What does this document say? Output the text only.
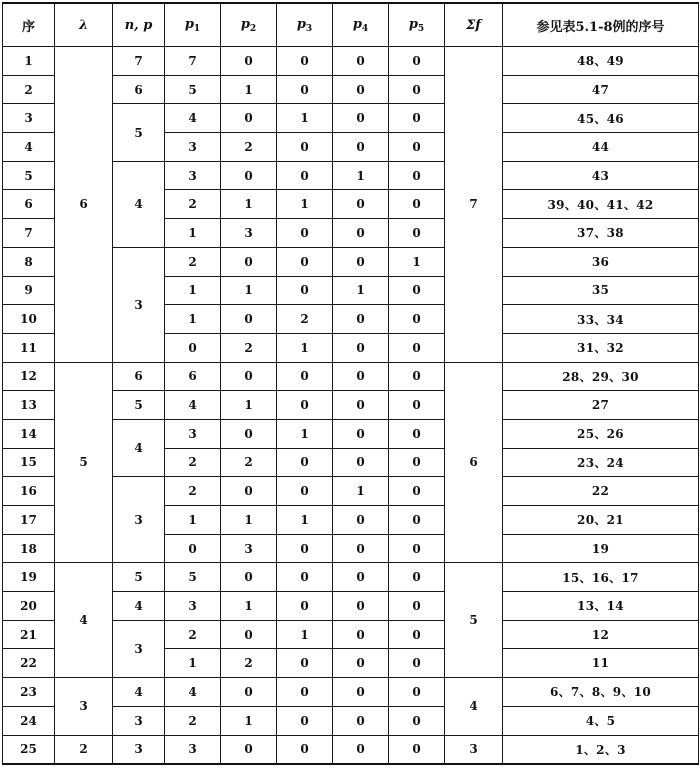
序	λ	n, p	$p_1$	$p_2$	$p_3$	$p_4$	$p_5$	Σf	参见表5.1-8例的序号
1	6	7	7	0	0	0	0	7	48、49
2		6	5	1	0	0	0		47
3		5	4	0	1	0	0		45、46
4			3	2	0	0	0		44
5		4	3	0	0	1	0		43
6			2	1	1	0	0		39、40、41、42
7			1	3	0	0	0		37、38
8		3	2	0	0	0	1		36
9			1	1	0	1	0		35
10			1	0	2	0	0		33、34
11			0	2	1	0	0		31、32
12	5	6	6	0	0	0	0	6	28、29、30
13		5	4	1	0	0	0		27
14		4	3	0	1	0	0		25、26
15			2	2	0	0	0		23、24
16		3	2	0	0	1	0		22
17			1	1	1	0	0		20、21
18			0	3	0	0	0		19
19	4	5	5	0	0	0	0	5	15、16、17
20		4	3	1	0	0	0		13、14
21		3	2	0	1	0	0		12
22			1	2	0	0	0		11
23	3	4	4	0	0	0	0	4	6、7、8、9、10
24		3	2	1	0	0	0		4、5
25	2	3	3	0	0	0	0	3	1、2、3
